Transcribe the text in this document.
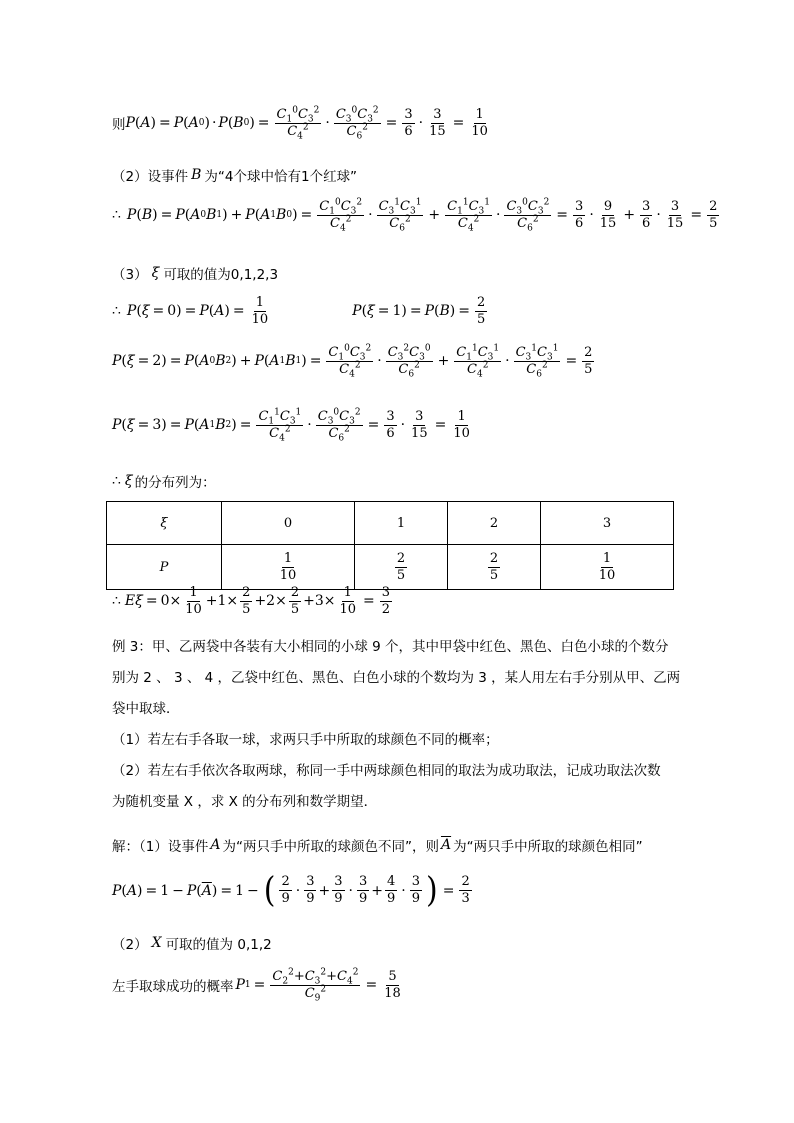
则 P ( A ) = P ( A 0 ) · P ( B 0 ) = $\frac{C_1^0C_3^2}{C_4^2} \cdot \frac{C_3^0C_3^2}{C_6^2} = \frac{3}{6} \cdot \frac{3}{15} = \frac{1}{10}$
（2）设事件 B 为“4个球中恰有1个红球”
∴ P ( B ) = P ( A 0 B 1 ) + P ( A 1 B 0 ) = $\frac{C_1^0C_3^2}{C_4^2} \cdot \frac{C_3^1C_3^1}{C_6^2} + \frac{C_1^1C_3^1}{C_4^2} \cdot \frac{C_3^0C_3^2}{C_6^2} = \frac{3}{6} \cdot \frac{9}{15} + \frac{3}{6} \cdot \frac{3}{15} = \frac{2}{5}$
（3） ξ 可取的值为0,1,2,3
∴ P ( ξ = 0) = P ( A ) = $\frac{1}{10}$	P ( ξ = 1) = P ( B ) = $\frac{2}{5}$
P ( ξ = 2) = P ( A 0 B 2 ) + P ( A 1 B 1 ) = $\frac{C_1^0C_3^2}{C_4^2} \cdot \frac{C_3^2C_3^0}{C_6^2} + \frac{C_1^1C_3^1}{C_4^2} \cdot \frac{C_3^1C_3^1}{C_6^2} = \frac{2}{5}$
P ( ξ = 3) = P ( A 1 B 2 ) = $\frac{C_1^1C_3^1}{C_4^2} \cdot \frac{C_3^0C_3^2}{C_6^2} = \frac{3}{6} \cdot \frac{3}{15} = \frac{1}{10}$
∴ ξ 的分布列为：
ξ	0	1	2	3
P	$\frac{1}{10}$	$\frac{2}{5}$	$\frac{2}{5}$	$\frac{1}{10}$
∴ $E\xi = 0\times \frac{1}{10} +1\times \frac{2}{5} +2\times \frac{2}{5} +3\times \frac{1}{10} = \frac{3}{2}$
例 3：甲、乙两袋中各装有大小相同的小球 9 个，其中甲袋中红色、黑色、白色小球的个数分
别为 2 、 3 、 4 ，乙袋中红色、黑色、白色小球的个数均为 3 ，某人用左右手分别从甲、乙两
袋中取球．
（1）若左右手各取一球，求两只手中所取的球颜色不同的概率；
（2）若左右手依次各取两球，称同一手中两球颜色相同的取法为成功取法，记成功取法次数
为随机变量 X ，求 X 的分布列和数学期望．
解：（1）设事件 A 为“两只手中所取的球颜色不同”，则 $\overline{A}$ 为“两只手中所取的球颜色相同”
P ( A ) = 1 − P ( $\overline{A}$ ) = 1 − ( $\frac{2}{9} \cdot \frac{3}{9} + \frac{3}{9} \cdot \frac{3}{9} + \frac{4}{9} \cdot \frac{3}{9}$ ) = $\frac{2}{3}$
（2） X 可取的值为 0,1,2
左手取球成功的概率 P $1 = \frac{C_2^2+C_3^2+C_4^2}{C_9^2} = \frac{5}{18}$
